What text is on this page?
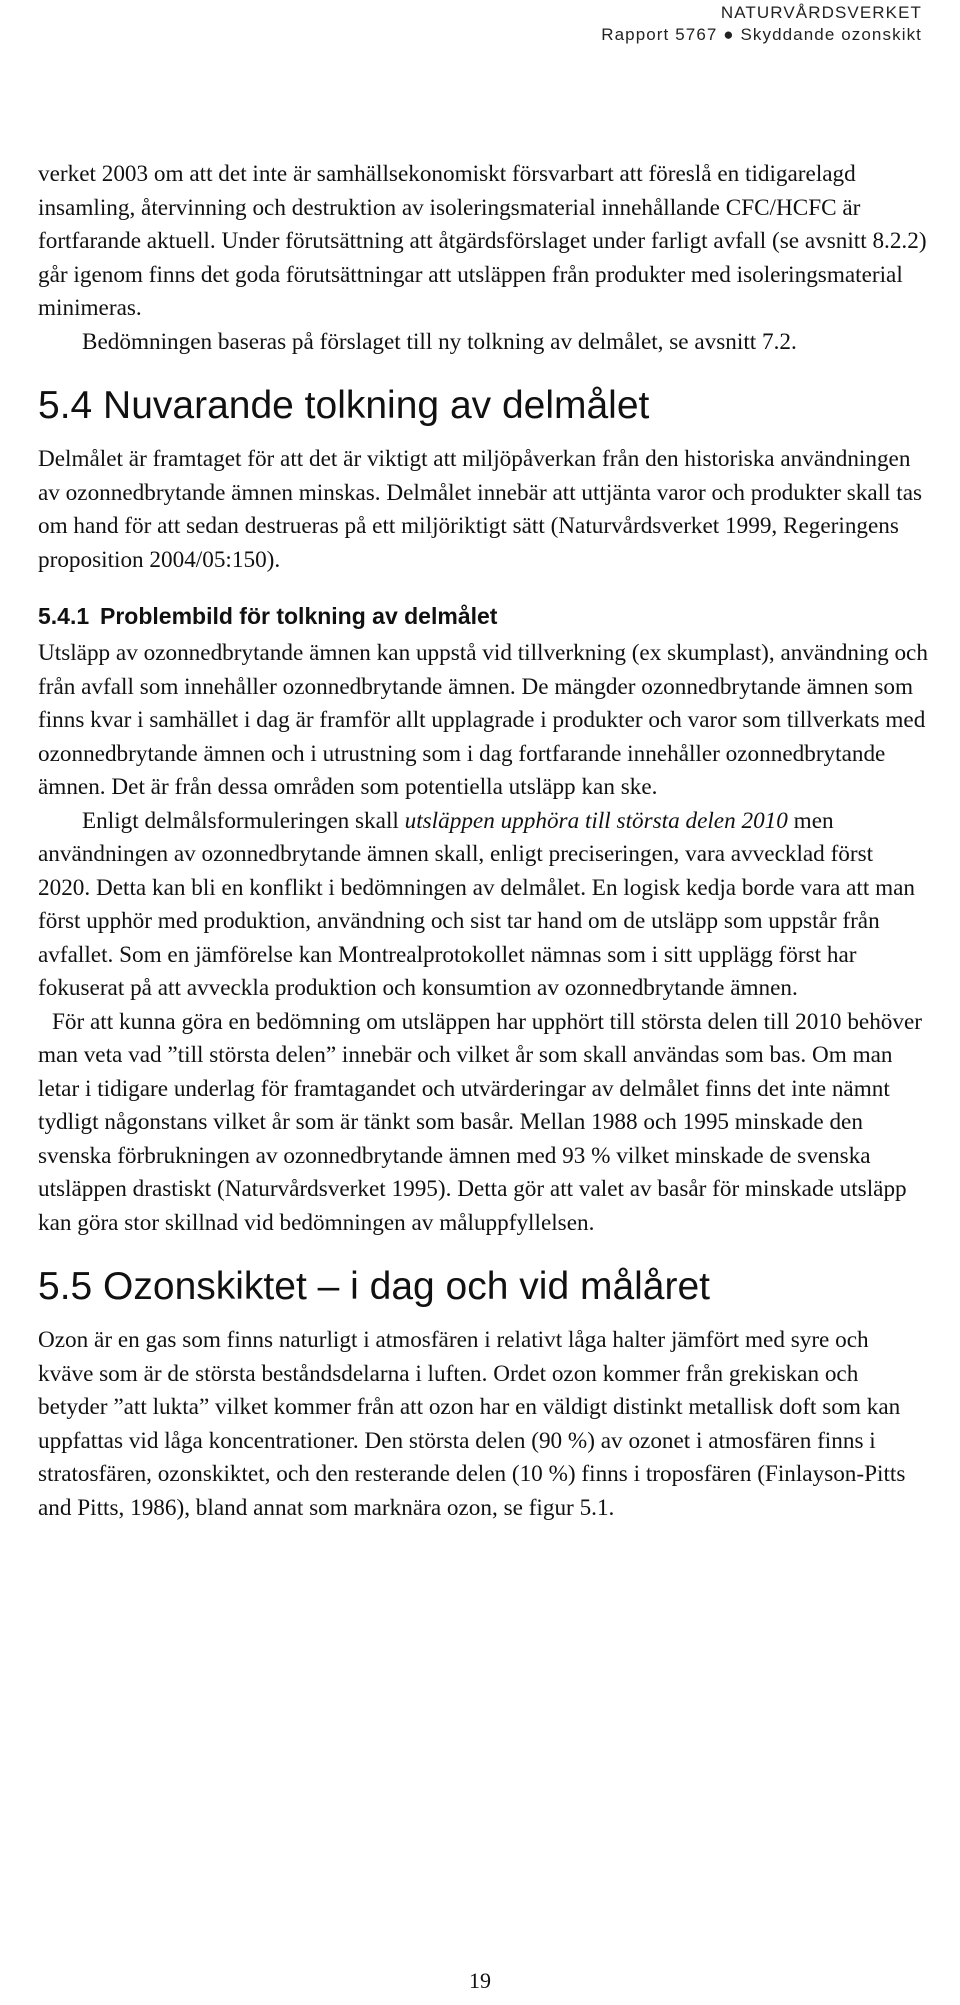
NATURVÅRDSVERKET
Rapport 5767 ● Skyddande ozonskikt

verket 2003 om att det inte är samhällsekonomiskt försvarbart att föreslå en tidigarelagd insamling, återvinning och destruktion av isoleringsmaterial innehållande CFC/HCFC är fortfarande aktuell. Under förutsättning att åtgärdsförslaget under farligt avfall (se avsnitt 8.2.2) går igenom finns det goda förutsättningar att utsläppen från produkter med isoleringsmaterial minimeras.

Bedömningen baseras på förslaget till ny tolkning av delmålet, se avsnitt 7.2.

5.4 Nuvarande tolkning av delmålet

Delmålet är framtaget för att det är viktigt att miljöpåverkan från den historiska användningen av ozonnedbrytande ämnen minskas. Delmålet innebär att uttjänta varor och produkter skall tas om hand för att sedan destrueras på ett miljöriktigt sätt (Naturvårdsverket 1999, Regeringens proposition 2004/05:150).

5.4.1 Problembild för tolkning av delmålet

Utsläpp av ozonnedbrytande ämnen kan uppstå vid tillverkning (ex skumplast), användning och från avfall som innehåller ozonnedbrytande ämnen. De mängder ozonnedbrytande ämnen som finns kvar i samhället i dag är framför allt upplagrade i produkter och varor som tillverkats med ozonnedbrytande ämnen och i utrustning som i dag fortfarande innehåller ozonnedbrytande ämnen. Det är från dessa områden som potentiella utsläpp kan ske.

Enligt delmålsformuleringen skall utsläppen upphöra till största delen 2010 men användningen av ozonnedbrytande ämnen skall, enligt preciseringen, vara avvecklad först 2020. Detta kan bli en konflikt i bedömningen av delmålet. En logisk kedja borde vara att man först upphör med produktion, användning och sist tar hand om de utsläpp som uppstår från avfallet. Som en jämförelse kan Montrealprotokollet nämnas som i sitt upplägg först har fokuserat på att avveckla produktion och konsumtion av ozonnedbrytande ämnen.

För att kunna göra en bedömning om utsläppen har upphört till största delen till 2010 behöver man veta vad ”till största delen” innebär och vilket år som skall användas som bas. Om man letar i tidigare underlag för framtagandet och utvärderingar av delmålet finns det inte nämnt tydligt någonstans vilket år som är tänkt som basår. Mellan 1988 och 1995 minskade den svenska förbrukningen av ozonnedbrytande ämnen med 93 % vilket minskade de svenska utsläppen drastiskt (Naturvårdsverket 1995). Detta gör att valet av basår för minskade utsläpp kan göra stor skillnad vid bedömningen av måluppfyllelsen.

5.5 Ozonskiktet – i dag och vid målåret

Ozon är en gas som finns naturligt i atmosfären i relativt låga halter jämfört med syre och kväve som är de största beståndsdelarna i luften. Ordet ozon kommer från grekiskan och betyder ”att lukta” vilket kommer från att ozon har en väldigt distinkt metallisk doft som kan uppfattas vid låga koncentrationer. Den största delen (90 %) av ozonet i atmosfären finns i stratosfären, ozonskiktet, och den resterande delen (10 %) finns i troposfären (Finlayson-Pitts and Pitts, 1986), bland annat som marknära ozon, se figur 5.1.

19
